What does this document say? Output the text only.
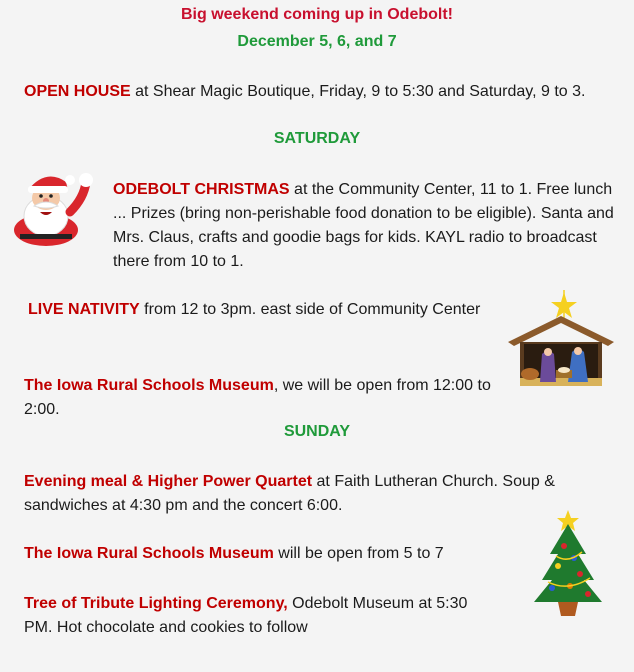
Big weekend coming up in Odebolt!
December 5, 6, and 7
OPEN HOUSE at Shear Magic Boutique, Friday, 9 to 5:30 and Saturday, 9 to 3.
SATURDAY
ODEBOLT CHRISTMAS at the Community Center, 11 to 1. Free lunch ... Prizes (bring non-perishable food donation to be eligible). Santa and Mrs. Claus, crafts and goodie bags for kids. KAYL radio to broadcast there from 10 to 1.
LIVE NATIVITY from 12 to 3pm. east side of Community Center
The Iowa Rural Schools Museum, we will be open from 12:00 to 2:00.
SUNDAY
Evening meal & Higher Power Quartet at Faith Lutheran Church. Soup & sandwiches at 4:30 pm and the concert 6:00.
The Iowa Rural Schools Museum will be open from 5 to 7
Tree of Tribute Lighting Ceremony, Odebolt Museum at 5:30 PM. Hot chocolate and cookies to follow
